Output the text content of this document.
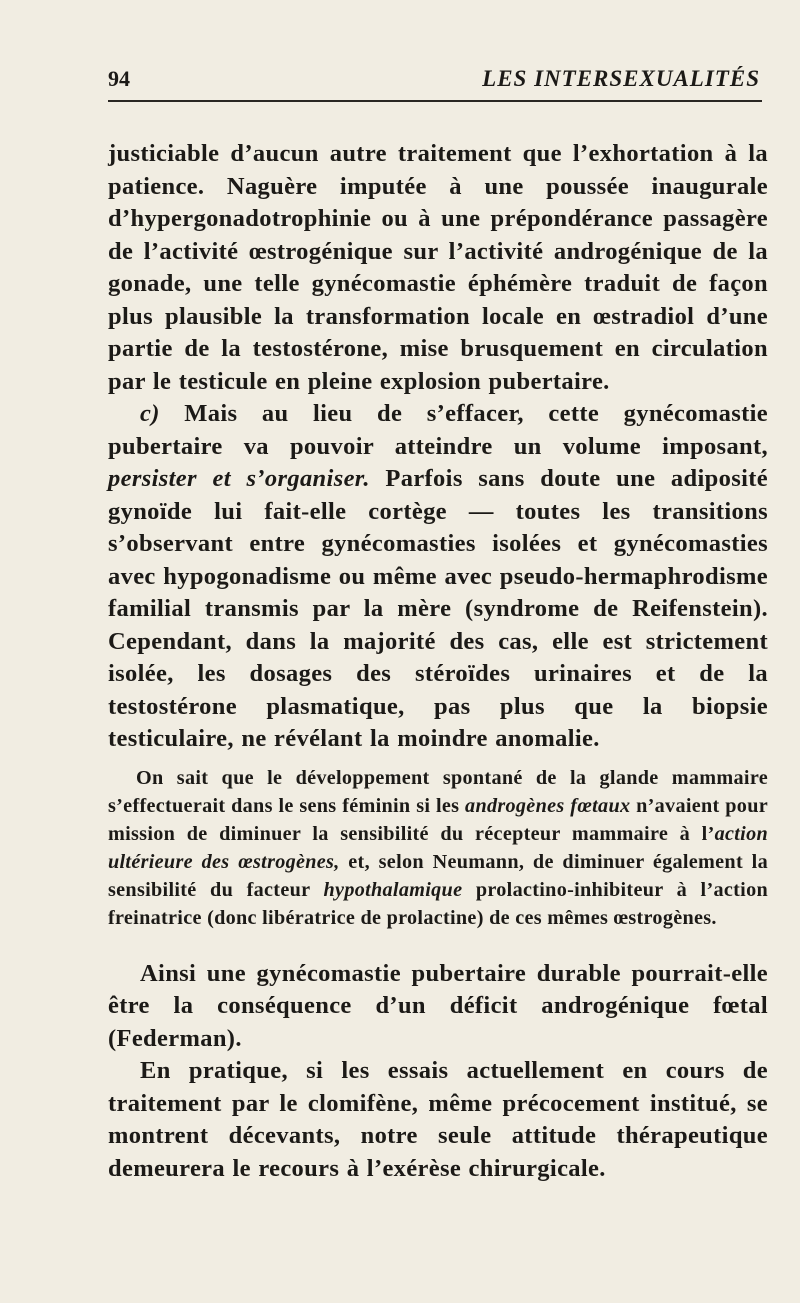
94	LES INTERSEXUALITÉS

justiciable d’aucun autre traitement que l’exhortation à la patience. Naguère imputée à une poussée inaugurale d’hypergonadotrophinie ou à une prépondérance passagère de l’activité œstrogénique sur l’activité androgénique de la gonade, une telle gynécomastie éphémère traduit de façon plus plausible la transformation locale en œstradiol d’une partie de la testostérone, mise brusquement en circulation par le testicule en pleine explosion pubertaire.

c) Mais au lieu de s’effacer, cette gynécomastie pubertaire va pouvoir atteindre un volume imposant, persister et s’organiser. Parfois sans doute une adiposité gynoïde lui fait-elle cortège — toutes les transitions s’observant entre gynécomasties isolées et gynécomasties avec hypogonadisme ou même avec pseudo-hermaphrodisme familial transmis par la mère (syndrome de Reifenstein). Cependant, dans la majorité des cas, elle est strictement isolée, les dosages des stéroïdes urinaires et de la testostérone plasmatique, pas plus que la biopsie testiculaire, ne révélant la moindre anomalie.

On sait que le développement spontané de la glande mammaire s’effectuerait dans le sens féminin si les androgènes fœtaux n’avaient pour mission de diminuer la sensibilité du récepteur mammaire à l’action ultérieure des œstrogènes, et, selon Neumann, de diminuer également la sensibilité du facteur hypothalamique prolactino-inhibiteur à l’action freinatrice (donc libératrice de prolactine) de ces mêmes œstrogènes.

Ainsi une gynécomastie pubertaire durable pourrait-elle être la conséquence d’un déficit androgénique fœtal (Federman).

En pratique, si les essais actuellement en cours de traitement par le clomifène, même précocement institué, se montrent décevants, notre seule attitude thérapeutique demeurera le recours à l’exérèse chirurgicale.
